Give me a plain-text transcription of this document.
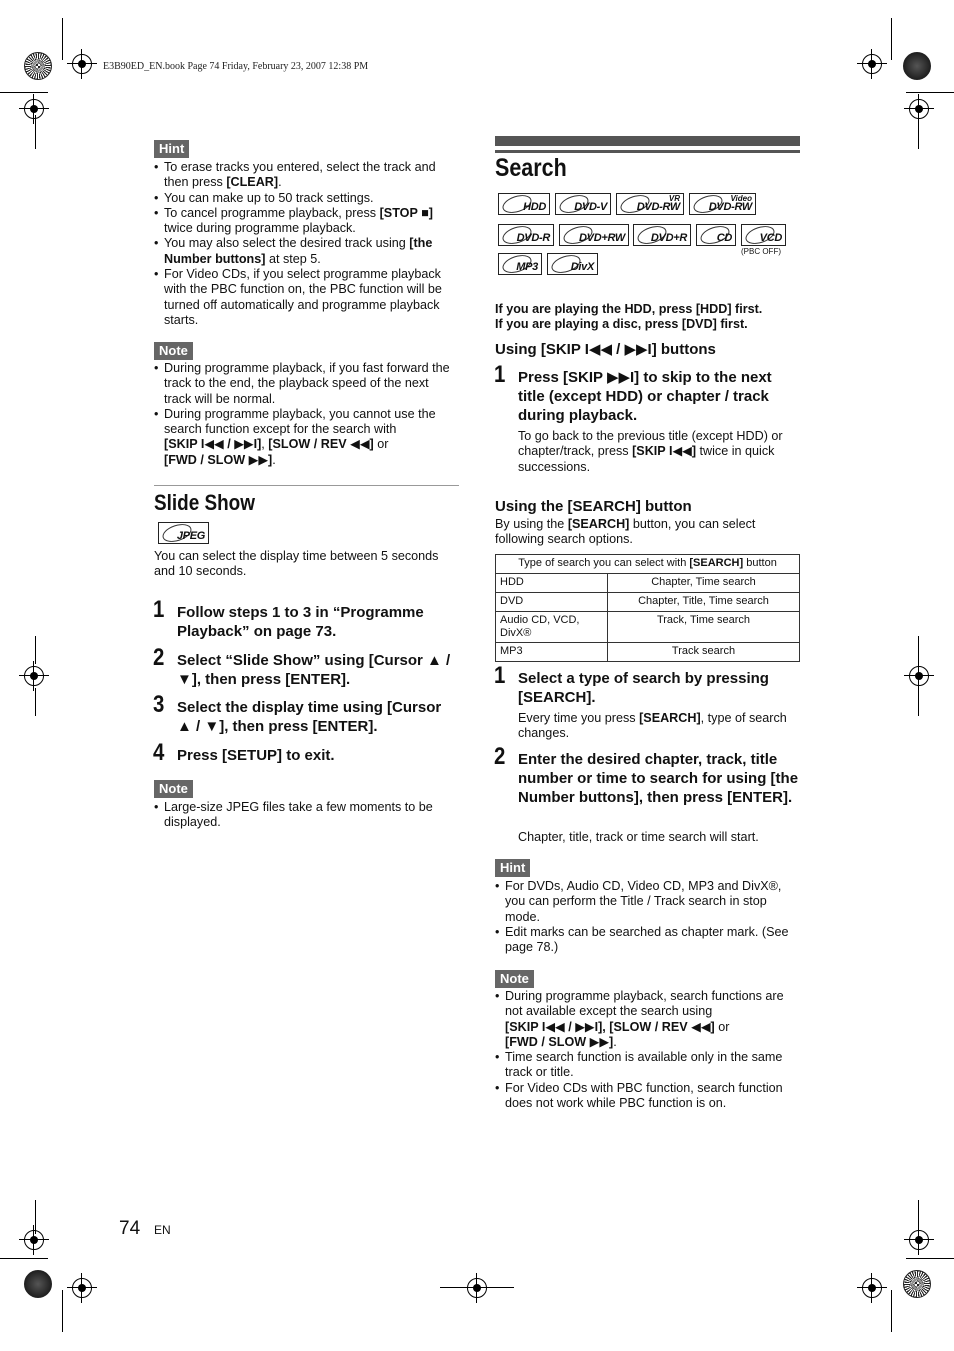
E3B90ED_EN.book Page 74 Friday, February 23, 2007 12:38 PM
Hint
• To erase tracks you entered, select the track and then press [CLEAR].
• You can make up to 50 track settings.
• To cancel programme playback, press [STOP ■] twice during programme playback.
• You may also select the desired track using [the Number buttons] at step 5.
• For Video CDs, if you select programme playback with the PBC function on, the PBC function will be turned off automatically and programme playback starts.
Note
• During programme playback, if you fast forward the track to the end, the playback speed of the next track will be normal.
• During programme playback, you cannot use the search function except for the search with
[SKIP I◀◀ / ▶▶I], [SLOW / REV ◀◀] or
[FWD / SLOW ▶▶].
Slide Show
JPEG
You can select the display time between 5 seconds and 10 seconds.
1 Follow steps 1 to 3 in “Programme Playback” on page 73.
2 Select “Slide Show” using [Cursor ▲ / ▼], then press [ENTER].
3 Select the display time using [Cursor ▲ / ▼], then press [ENTER].
4 Press [SETUP] to exit.
Note
• Large-size JPEG files take a few moments to be displayed.
Search
HDD	DVD-V
VR
DVD-RW
Video
DVD-RW
DVD-R	DVD+RW DVD+R	CD	VCD
(PBC OFF)
MP3	DivX
If you are playing the HDD, press [HDD] first.
If you are playing a disc, press [DVD] first.
Using [SKIP I◀◀ / ▶▶I] buttons
1 Press [SKIP ▶▶I] to skip to the next title (except HDD) or chapter / track during playback.
To go back to the previous title (except HDD) or chapter/track, press [SKIP I◀◀] twice in quick successions.
Using the [SEARCH] button
By using the [SEARCH] button, you can select following search options.
Type of search you can select with [SEARCH] button	
HDD	Chapter, Time search
DVD	Chapter, Title, Time search
Audio CD, VCD, DivX®	Track, Time search
MP3	Track search
1 Select a type of search by pressing [SEARCH].
Every time you press [SEARCH], type of search changes.
2 Enter the desired chapter, track, title number or time to search for using [the Number buttons], then press [ENTER].
Chapter, title, track or time search will start.
Hint
• For DVDs, Audio CD, Video CD, MP3 and DivX®, you can perform the Title / Track search in stop mode.
• Edit marks can be searched as chapter mark. (See page 78.)
Note
• During programme playback, search functions are not available except the search using
[SKIP I◀◀ / ▶▶I], [SLOW / REV ◀◀] or
[FWD / SLOW ▶▶].
• Time search function is available only in the same track or title.
• For Video CDs with PBC function, search function does not work while PBC function is on.
74 EN
